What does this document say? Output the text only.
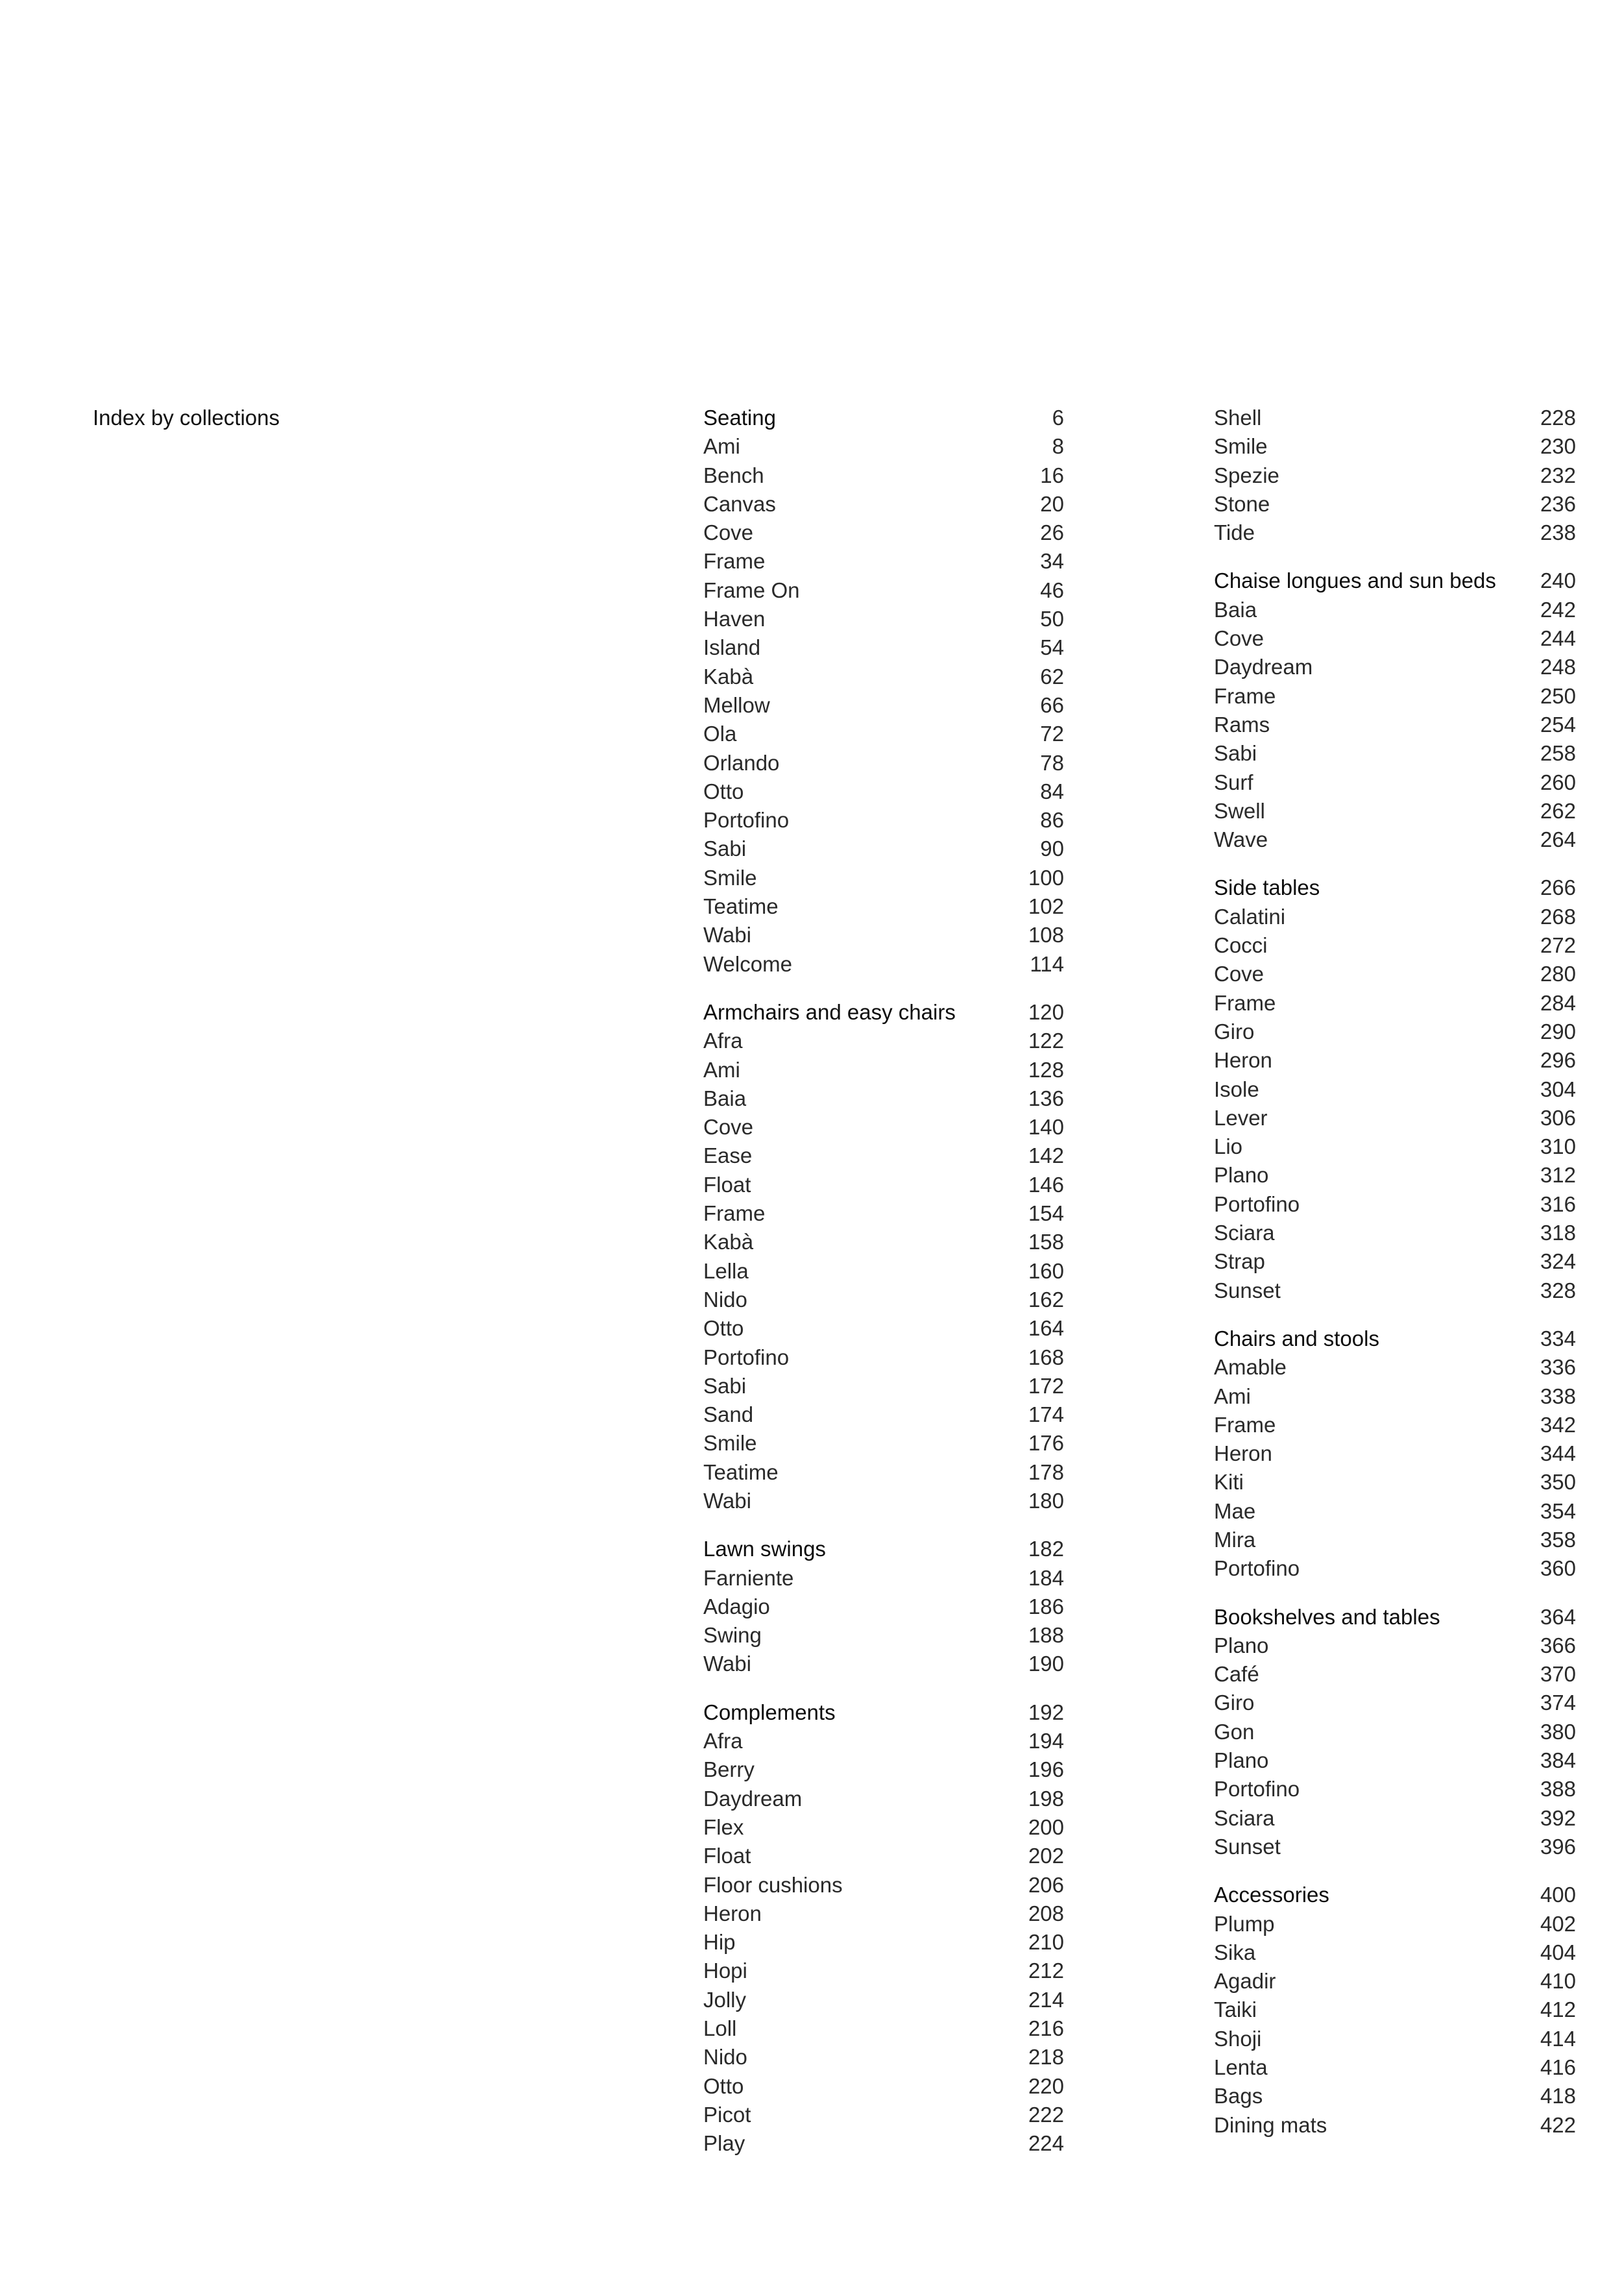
Index by collections	Seating	6
Ami	8
Bench	16
Canvas	20
Cove	26
Frame	34
Frame On	46
Haven	50
Island	54
Kabà	62
Mellow	66
Ola	72
Orlando	78
Otto	84
Portofino	86
Sabi	90
Smile	100
Teatime	102
Wabi	108
Welcome	114
Armchairs and easy chairs	120
Afra	122
Ami	128
Baia	136
Cove	140
Ease	142
Float	146
Frame	154
Kabà	158
Lella	160
Nido	162
Otto	164
Portofino	168
Sabi	172
Sand	174
Smile	176
Teatime	178
Wabi	180
Lawn swings	182
Farniente	184
Adagio	186
Swing	188
Wabi	190
Complements	192
Afra	194
Berry	196
Daydream	198
Flex	200
Float	202
Floor cushions	206
Heron	208
Hip	210
Hopi	212
Jolly	214
Loll	216
Nido	218
Otto	220
Picot	222
Play	224
Shell	228
Smile	230
Spezie	232
Stone	236
Tide	238
Chaise longues and sun beds 240
Baia	242
Cove	244
Daydream	248
Frame	250
Rams	254
Sabi	258
Surf	260
Swell	262
Wave	264
Side tables	266
Calatini	268
Cocci	272
Cove	280
Frame	284
Giro	290
Heron	296
Isole	304
Lever	306
Lio	310
Plano	312
Portofino	316
Sciara	318
Strap	324
Sunset	328
Chairs and stools	334
Amable	336
Ami	338
Frame	342
Heron	344
Kiti	350
Mae	354
Mira	358
Portofino	360
Bookshelves and tables	364
Plano	366
Café	370
Giro	374
Gon	380
Plano	384
Portofino	388
Sciara	392
Sunset	396
Accessories	400
Plump	402
Sika	404
Agadir	410
Taiki	412
Shoji	414
Lenta	416
Bags	418
Dining mats	422
